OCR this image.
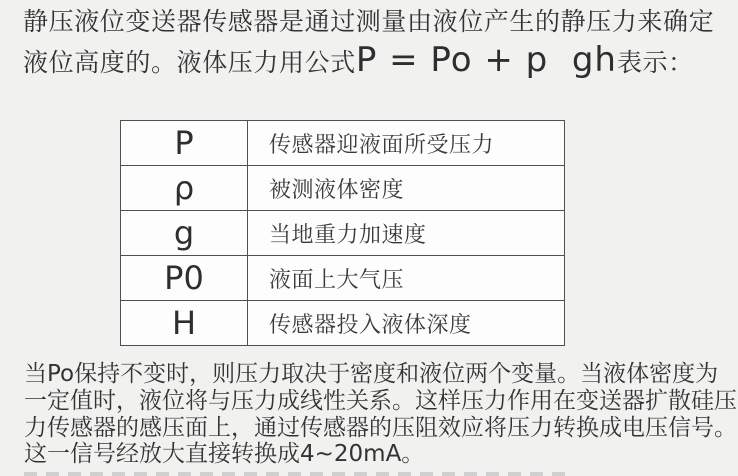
静压液位变送器传感器是通过测量由液位产生的静压力来确定

液位高度的。液体压力用公式 P = Po + p  gh 表示：

P	传感器迎液面所受压力
ρ	被测液体密度
g	当地重力加速度
P0	液面上大气压
H	传感器投入液体深度

当Po保持不变时，则压力取决于密度和液位两个变量。当液体密度为

一定值时，液位将与压力成线性关系。这样压力作用在变送器扩散硅压

力传感器的感压面上，通过传感器的压阻效应将压力转换成电压信号。

这一信号经放大直接转换成4~20mA。
